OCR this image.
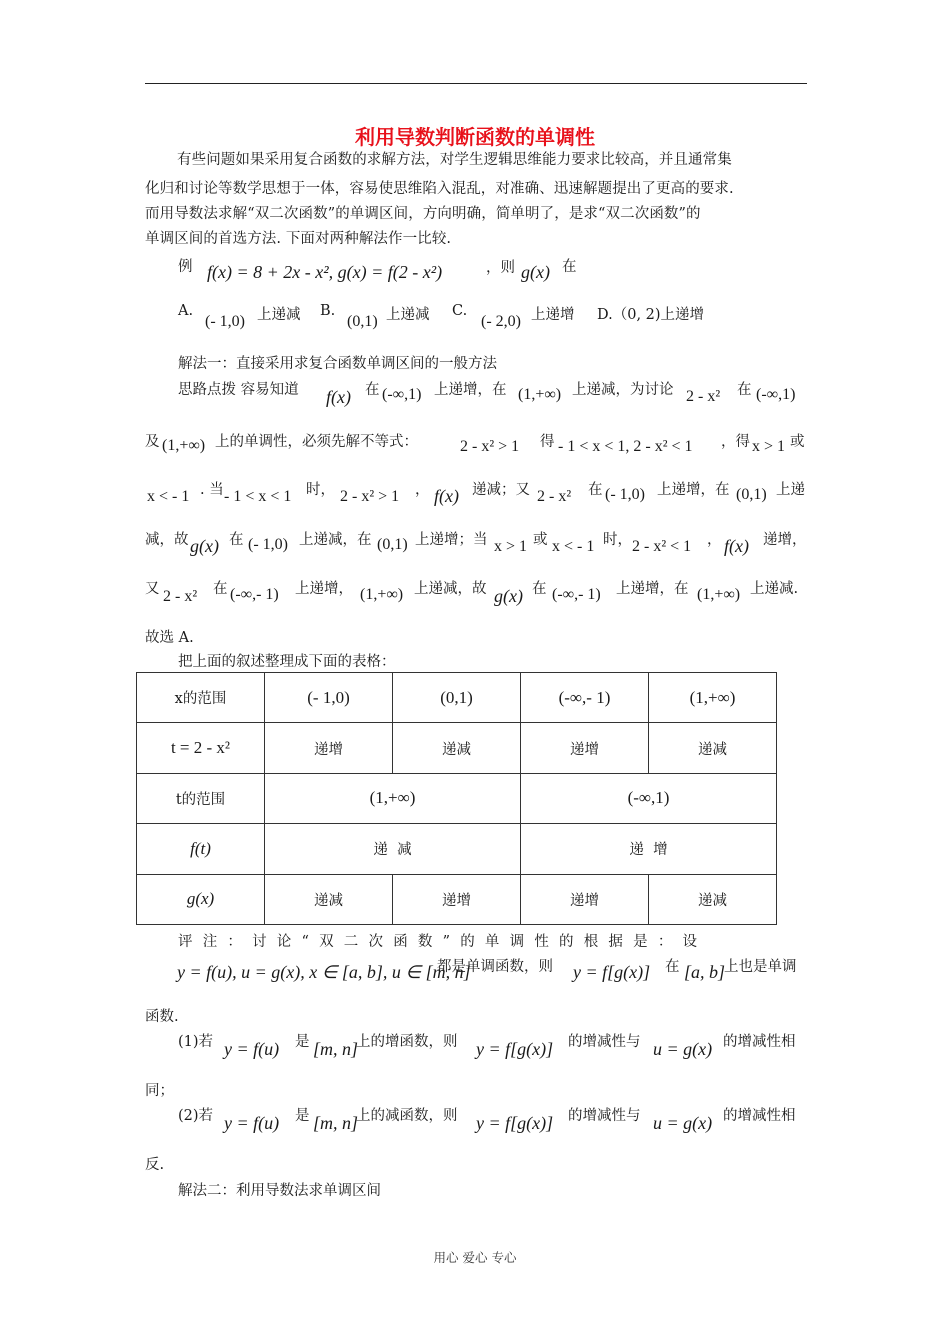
利用导数判断函数的单调性
有些问题如果采用复合函数的求解方法，对学生逻辑思维能力要求比较高，并且通常集
化归和讨论等数学思想于一体，容易使思维陷入混乱，对准确、迅速解题提出了更高的要求.
而用导数法求解“双二次函数”的单调区间，方向明确，简单明了，是求“双二次函数”的
单调区间的首选方法. 下面对两种解法作一比较.
例 f(x) = 8 + 2x - x², g(x) = f(2 - x²)	，则 g(x) 在
A.
(- 1,0) 上递减 B.
(0,1) 上递减 C.
(- 2,0) 上递增 D.（0, 2)上递增
解法一：直接采用求复合函数单调区间的一般方法
思路点拨 容易知道 f(x) 在 (-∞,1) 上递增，在 (1,+∞) 上递减，为讨论 2 - x² 在 (-∞,1)
及 (1,+∞) 上的单调性，必须先解不等式：	2 - x² > 1 得 - 1 < x < 1, 2 - x² < 1 ，得 x > 1 或
x < - 1 . 当 - 1 < x < 1 时， 2 - x² > 1 ， f(x) 递减；又 2 - x² 在 (- 1,0) 上递增，在 (0,1) 上递
减，故 g(x) 在 (- 1,0) 上递减，在 (0,1) 上递增；当 x > 1 或 x < - 1 时， 2 - x² < 1 ， f(x) 递增，
又 2 - x² 在 (-∞,- 1) 上递增， (1,+∞) 上递减，故 g(x) 在 (-∞,- 1) 上递增，在 (1,+∞) 上递减.
故选 A.
把上面的叙述整理成下面的表格：
x的范围	(- 1,0)	(0,1)	(-∞,- 1)	(1,+∞)
t = 2 - x²	递增	递减	递增	递减
t的范围	(1,+∞)		(-∞,1)	
f(t)	递  减		递  增	
g(x)	递减	递增	递增	递减
评注：讨论“双二次函数”的单调性的根据是：设
y = f(u), u = g(x), x ∈ [a, b], u ∈ [m, n]
都是单调函数，则 y = f[g(x)] 在 [a, b]
上也是单调
函数.
(1)若 y = f(u) 是 [m, n]
上的增函数，则 y = f[g(x)] 的增减性与 u = g(x) 的增减性相
同；
(2)若 y = f(u) 是 [m, n]
上的减函数，则 y = f[g(x)] 的增减性与 u = g(x) 的增减性相
反.
解法二：利用导数法求单调区间
用心 爱心 专心
